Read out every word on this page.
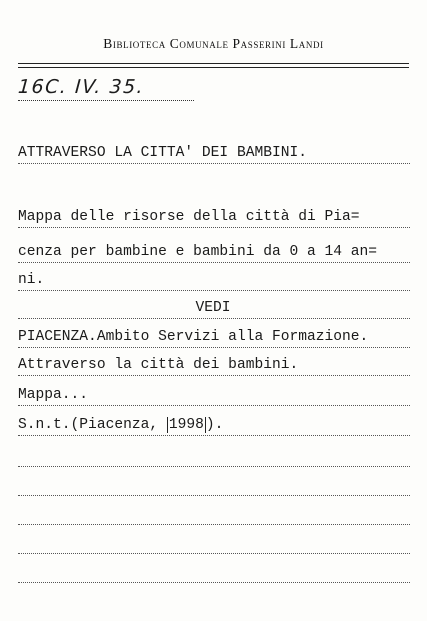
Biblioteca Comunale Passerini Landi
16C. IV. 35.
ATTRAVERSO LA CITTA' DEI BAMBINI.
Mappa delle risorse della città di Pia=
cenza per bambine e bambini da 0 a 14 an=
ni.
VEDI
PIACENZA.Ambito Servizi alla Formazione.
Attraverso la città dei bambini.
Mappa...
S.n.t.(Piacenza, 1998 ).
